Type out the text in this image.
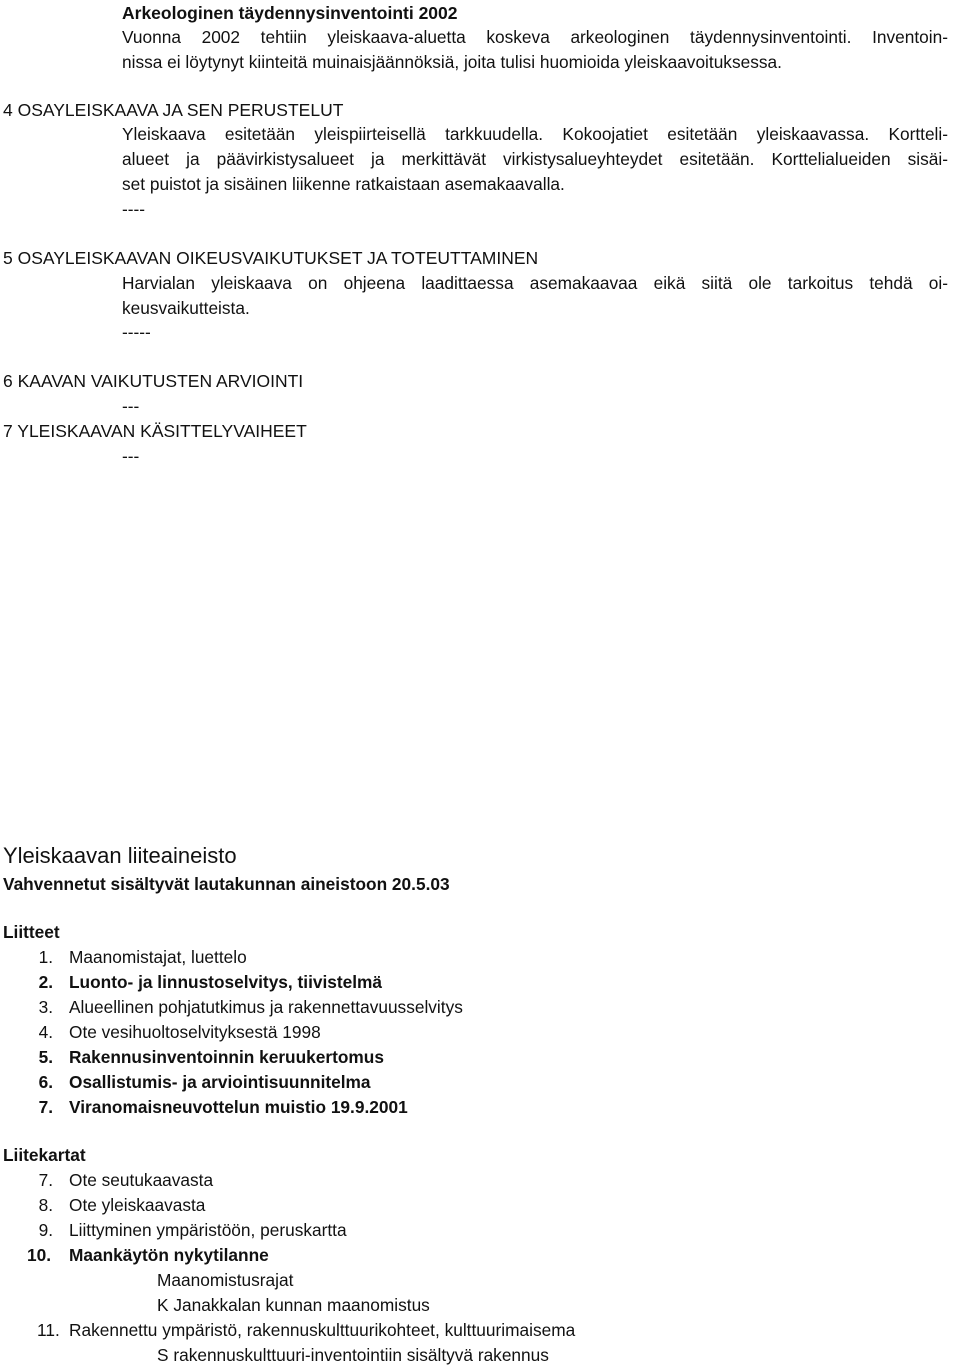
Arkeologinen täydennysinventointi 2002
Vuonna 2002 tehtiin yleiskaava-aluetta koskeva arkeologinen täydennysinventointi. Inventoin-
nissa ei löytynyt kiinteitä muinaisjäännöksiä, joita tulisi huomioida yleiskaavoituksessa.
4 OSAYLEISKAAVA JA SEN PERUSTELUT
Yleiskaava esitetään yleispiirteisellä tarkkuudella. Kokoojatiet esitetään yleiskaavassa. Kortteli-
alueet ja päävirkistysalueet ja merkittävät virkistysalueyhteydet esitetään. Korttelialueiden sisäi-
set puistot ja sisäinen liikenne ratkaistaan asemakaavalla.
----
5 OSAYLEISKAAVAN OIKEUSVAIKUTUKSET JA TOTEUTTAMINEN
Harvialan yleiskaava on ohjeena laadittaessa asemakaavaa eikä siitä ole tarkoitus tehdä oi-
keusvaikutteista.
-----
6 KAAVAN VAIKUTUSTEN ARVIOINTI
---
7 YLEISKAAVAN KÄSITTELYVAIHEET
---
Yleiskaavan liiteaineisto
Vahvennetut sisältyvät lautakunnan aineistoon 20.5.03
Liitteet
1. Maanomistajat, luettelo
2. Luonto- ja linnustoselvitys, tiivistelmä
3. Alueellinen pohjatutkimus ja rakennettavuusselvitys
4. Ote vesihuoltoselvityksestä 1998
5. Rakennusinventoinnin keruukertomus
6. Osallistumis- ja arviointisuunnitelma
7. Viranomaisneuvottelun muistio 19.9.2001
Liitekartat
7. Ote seutukaavasta
8. Ote yleiskaavasta
9. Liittyminen ympäristöön, peruskartta
10.	Maankäytön nykytilanne
Maanomistusrajat
K Janakkalan kunnan maanomistus
11. Rakennettu ympäristö, rakennuskulttuurikohteet, kulttuurimaisema
S rakennuskulttuuri-inventointiin sisältyvä rakennus
